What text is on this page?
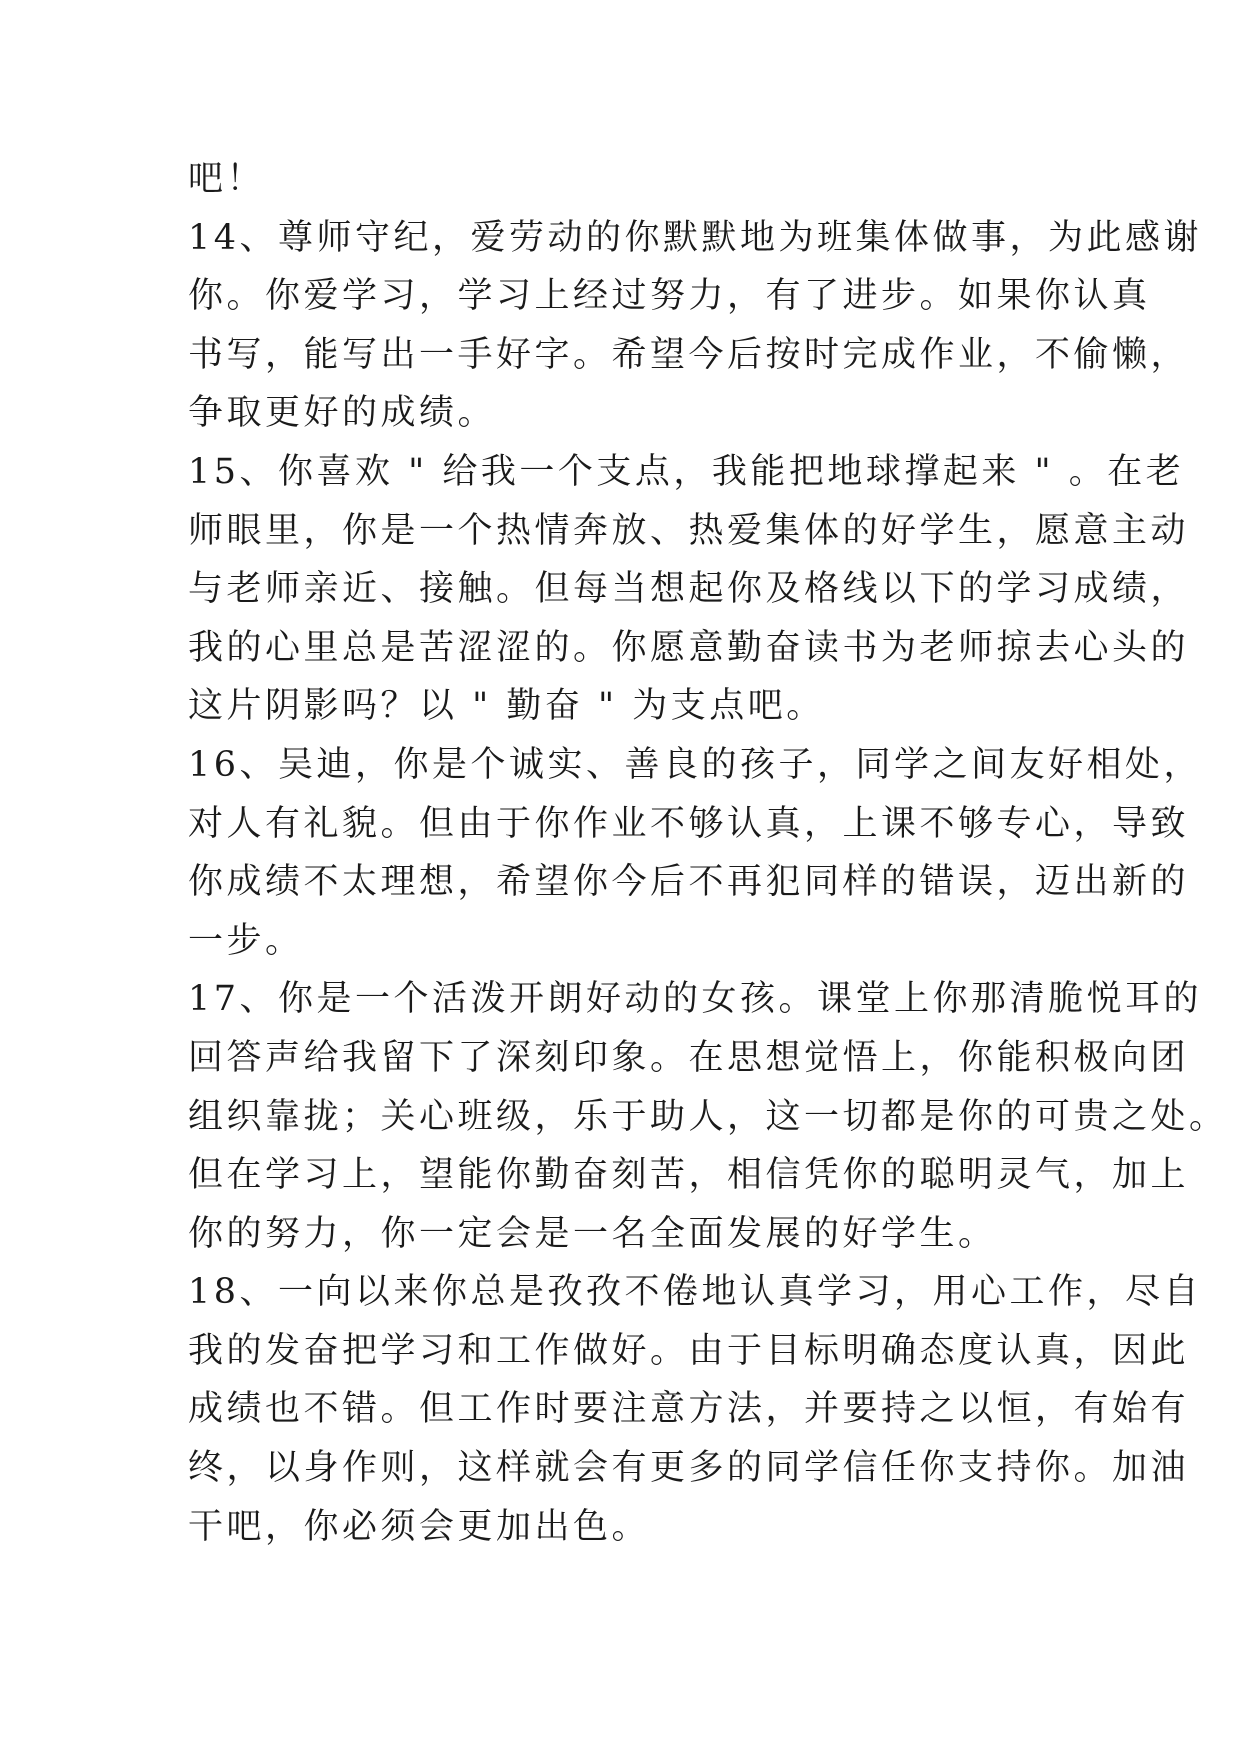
吧！
14、尊师守纪，爱劳动的你默默地为班集体做事，为此感谢
你。你爱学习，学习上经过努力，有了进步。如果你认真
书写，能写出一手好字。希望今后按时完成作业，不偷懒，
争取更好的成绩。
15、你喜欢 " 给我一个支点，我能把地球撑起来 " 。在老
师眼里，你是一个热情奔放、热爱集体的好学生，愿意主动
与老师亲近、接触。但每当想起你及格线以下的学习成绩，
我的心里总是苦涩涩的。你愿意勤奋读书为老师掠去心头的
这片阴影吗？以 " 勤奋 " 为支点吧。
16、吴迪，你是个诚实、善良的孩子，同学之间友好相处，
对人有礼貌。但由于你作业不够认真，上课不够专心，导致
你成绩不太理想，希望你今后不再犯同样的错误，迈出新的
一步。
17、你是一个活泼开朗好动的女孩。课堂上你那清脆悦耳的
回答声给我留下了深刻印象。在思想觉悟上，你能积极向团
组织靠拢；关心班级，乐于助人，这一切都是你的可贵之处。
但在学习上，望能你勤奋刻苦，相信凭你的聪明灵气，加上
你的努力，你一定会是一名全面发展的好学生。
18、一向以来你总是孜孜不倦地认真学习，用心工作，尽自
我的发奋把学习和工作做好。由于目标明确态度认真，因此
成绩也不错。但工作时要注意方法，并要持之以恒，有始有
终，以身作则，这样就会有更多的同学信任你支持你。加油
干吧，你必须会更加出色。
